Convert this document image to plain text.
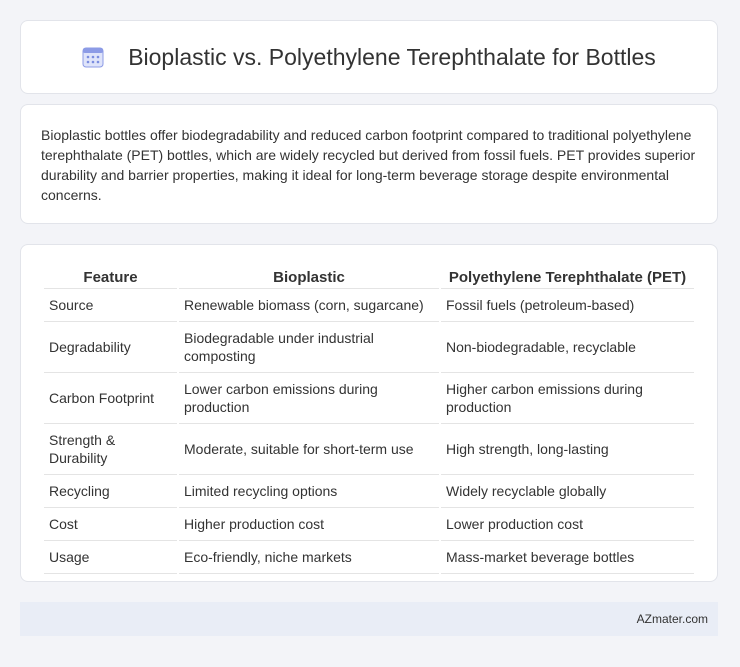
Bioplastic vs. Polyethylene Terephthalate for Bottles

Bioplastic bottles offer biodegradability and reduced carbon footprint compared to traditional polyethylene terephthalate (PET) bottles, which are widely recycled but derived from fossil fuels. PET provides superior durability and barrier properties, making it ideal for long-term beverage storage despite environmental concerns.

Feature	Bioplastic	Polyethylene Terephthalate (PET)
Source	Renewable biomass (corn, sugarcane)	Fossil fuels (petroleum-based)
Degradability	Biodegradable under industrial composting	Non-biodegradable, recyclable
Carbon Footprint	Lower carbon emissions during production	Higher carbon emissions during production
Strength & Durability	Moderate, suitable for short-term use	High strength, long-lasting
Recycling	Limited recycling options	Widely recyclable globally
Cost	Higher production cost	Lower production cost
Usage	Eco-friendly, niche markets	Mass-market beverage bottles
AZmater.com
